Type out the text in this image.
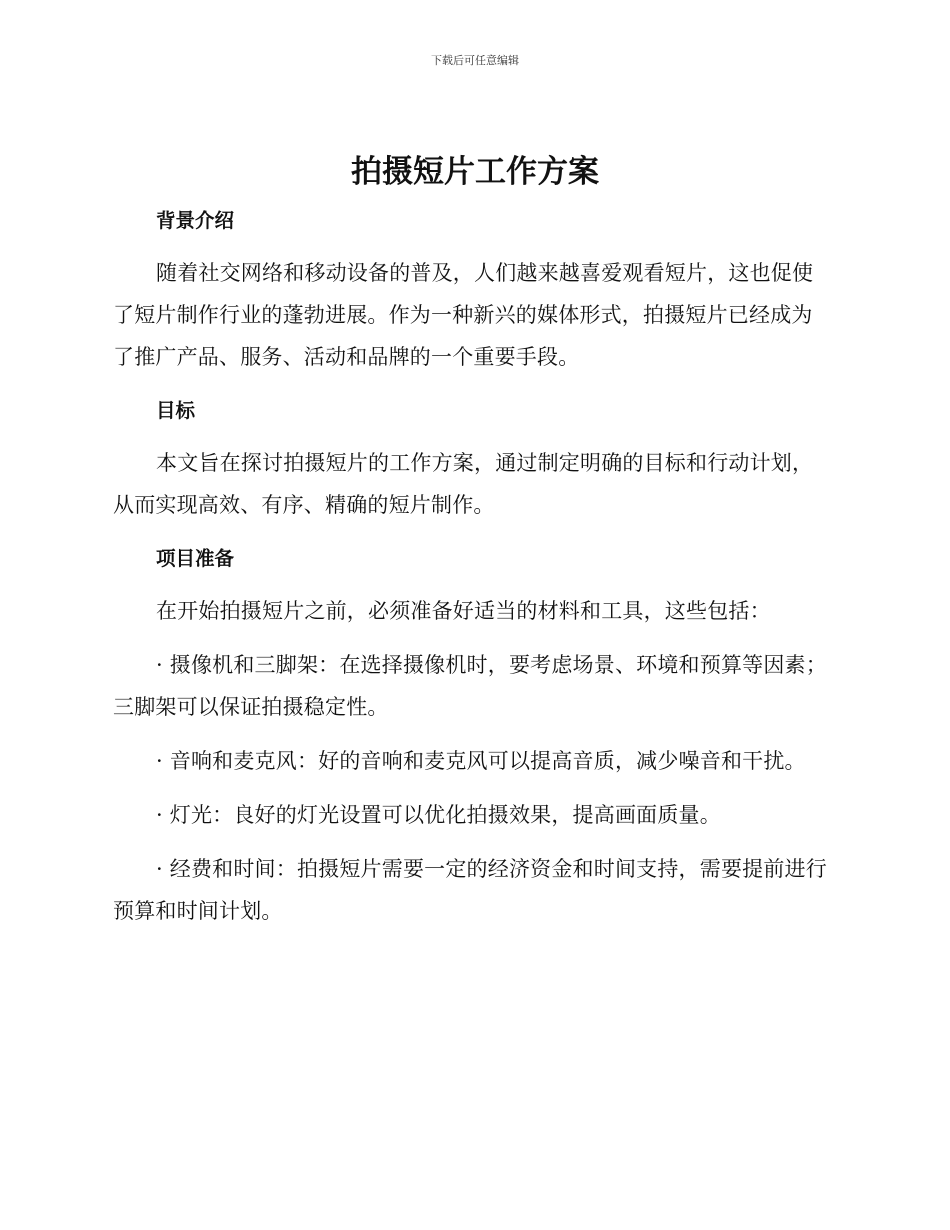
下载后可任意编辑
拍摄短片工作方案
背景介绍

随着社交网络和移动设备的普及，人们越来越喜爱观看短片，这也促使了短片制作行业的蓬勃进展。作为一种新兴的媒体形式，拍摄短片已经成为了推广产品、服务、活动和品牌的一个重要手段。

目标

本文旨在探讨拍摄短片的工作方案，通过制定明确的目标和行动计划，从而实现高效、有序、精确的短片制作。

项目准备

在开始拍摄短片之前，必须准备好适当的材料和工具，这些包括：

· 摄像机和三脚架：在选择摄像机时，要考虑场景、环境和预算等因素；三脚架可以保证拍摄稳定性。

· 音响和麦克风：好的音响和麦克风可以提高音质，减少噪音和干扰。

· 灯光：良好的灯光设置可以优化拍摄效果，提高画面质量。

· 经费和时间：拍摄短片需要一定的经济资金和时间支持，需要提前进行预算和时间计划。
